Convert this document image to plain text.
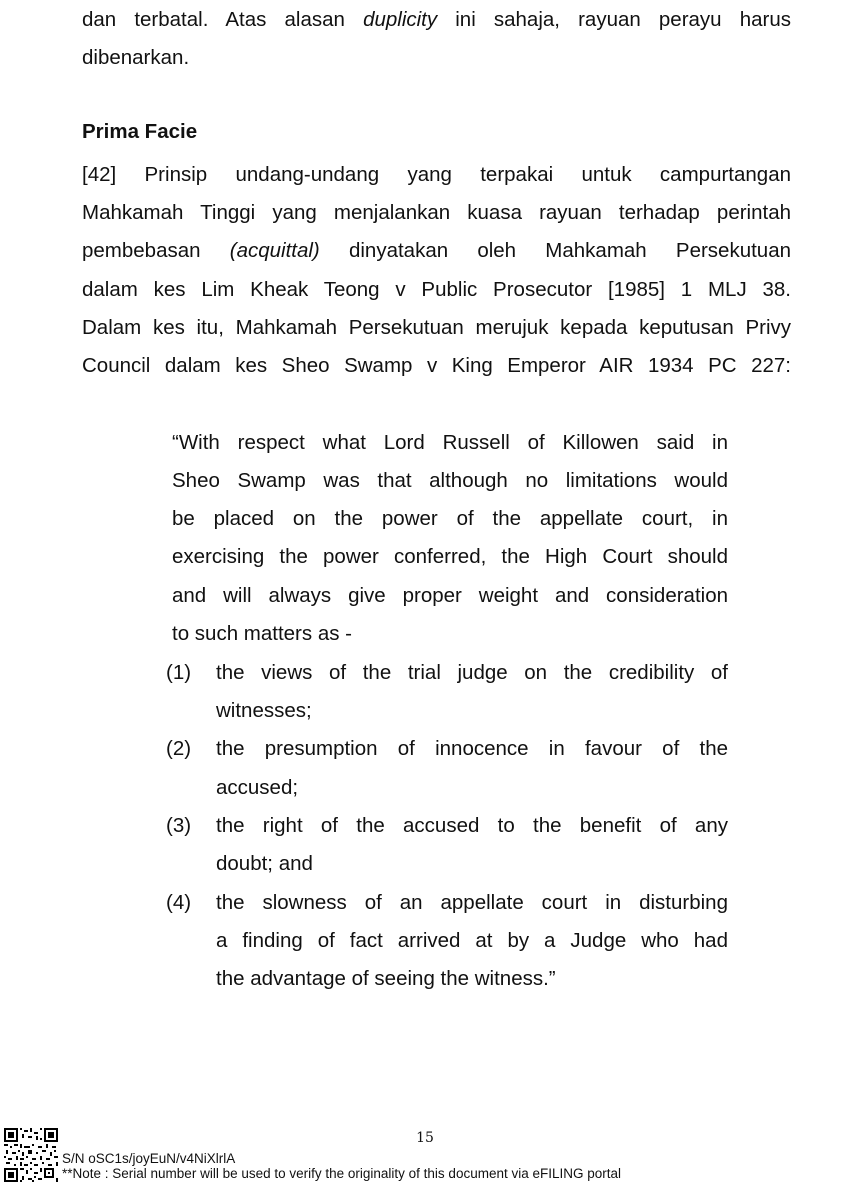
dan terbatal. Atas alasan duplicity ini sahaja, rayuan perayu harus
dibenarkan.
Prima Facie
[42] Prinsip undang-undang yang terpakai untuk campurtangan
Mahkamah Tinggi yang menjalankan kuasa rayuan terhadap perintah
pembebasan (acquittal) dinyatakan oleh Mahkamah Persekutuan
dalam kes Lim Kheak Teong v Public Prosecutor [1985] 1 MLJ 38.
Dalam kes itu, Mahkamah Persekutuan merujuk kepada keputusan Privy
Council dalam kes Sheo Swamp v King Emperor AIR 1934 PC 227:
“With respect what Lord Russell of Killowen said in
Sheo Swamp was that although no limitations would
be placed on the power of the appellate court, in
exercising the power conferred, the High Court should
and will always give proper weight and consideration
to such matters as -
(1) the views of the trial judge on the credibility of
witnesses;
(2) the presumption of innocence in favour of the
accused;
(3) the right of the accused to the benefit of any
doubt; and
(4) the slowness of an appellate court in disturbing
a finding of fact arrived at by a Judge who had
the advantage of seeing the witness.”
15
S/N oSC1s/joyEuN/v4NiXlrlA
**Note : Serial number will be used to verify the originality of this document via eFILING portal
